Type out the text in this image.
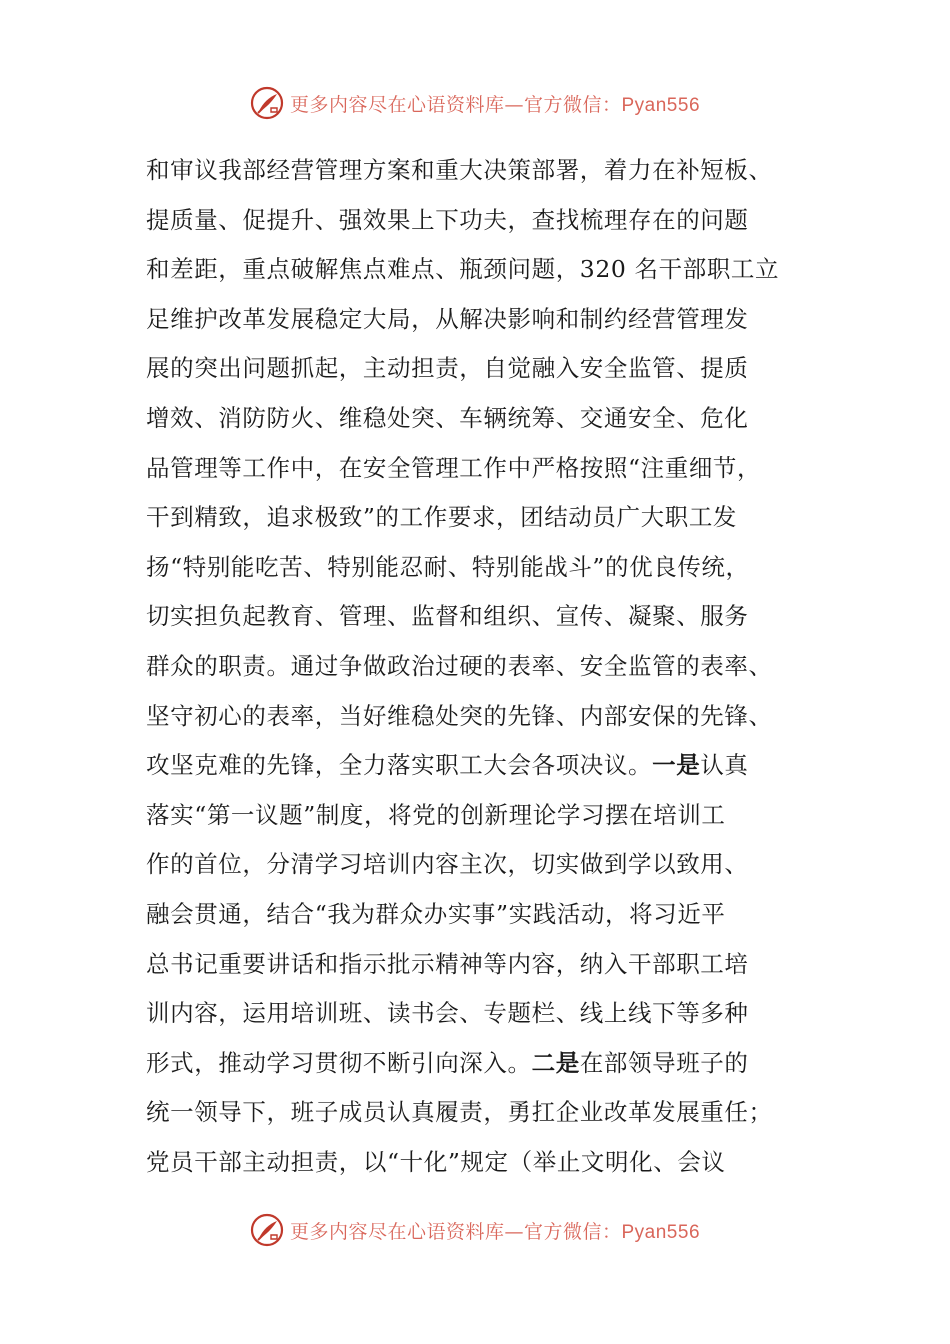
更多内容尽在心语资料库—官方微信：Pyan556
和审议我部经营管理方案和重大决策部署，着力在补短板、
提质量、促提升、强效果上下功夫，查找梳理存在的问题
和差距，重点破解焦点难点、瓶颈问题，320 名干部职工立
足维护改革发展稳定大局，从解决影响和制约经营管理发
展的突出问题抓起，主动担责，自觉融入安全监管、提质
增效、消防防火、维稳处突、车辆统筹、交通安全、危化
品管理等工作中，在安全管理工作中严格按照“注重细节，
干到精致，追求极致”的工作要求，团结动员广大职工发
扬“特别能吃苦、特别能忍耐、特别能战斗”的优良传统，
切实担负起教育、管理、监督和组织、宣传、凝聚、服务
群众的职责。通过争做政治过硬的表率、安全监管的表率、
坚守初心的表率，当好维稳处突的先锋、内部安保的先锋、
攻坚克难的先锋，全力落实职工大会各项决议。一是认真
落实“第一议题”制度，将党的创新理论学习摆在培训工
作的首位，分清学习培训内容主次，切实做到学以致用、
融会贯通，结合“我为群众办实事”实践活动，将习近平
总书记重要讲话和指示批示精神等内容，纳入干部职工培
训内容，运用培训班、读书会、专题栏、线上线下等多种
形式，推动学习贯彻不断引向深入。二是在部领导班子的
统一领导下，班子成员认真履责，勇扛企业改革发展重任；
党员干部主动担责，以“十化”规定（举止文明化、会议
更多内容尽在心语资料库—官方微信：Pyan556
